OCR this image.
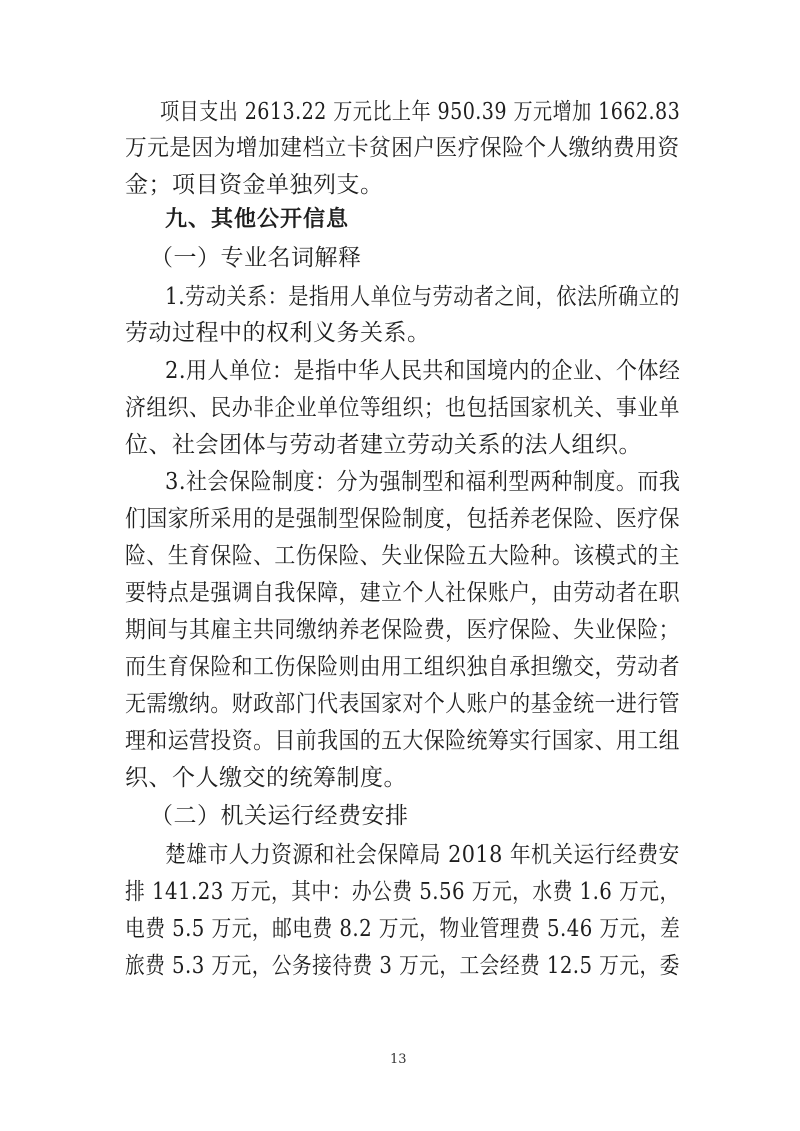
项目支出 2613.22 万元比上年 950.39 万元增加 1662.83
万元是因为增加建档立卡贫困户医疗保险个人缴纳费用资
金；项目资金单独列支。
九、其他公开信息
（一）专业名词解释
1.劳动关系：是指用人单位与劳动者之间，依法所确立的
劳动过程中的权利义务关系。
2.用人单位：是指中华人民共和国境内的企业、个体经
济组织、民办非企业单位等组织；也包括国家机关、事业单
位、社会团体与劳动者建立劳动关系的法人组织。
3.社会保险制度：分为强制型和福利型两种制度。而我
们国家所采用的是强制型保险制度，包括养老保险、医疗保
险、生育保险、工伤保险、失业保险五大险种。该模式的主
要特点是强调自我保障，建立个人社保账户，由劳动者在职
期间与其雇主共同缴纳养老保险费，医疗保险、失业保险；
而生育保险和工伤保险则由用工组织独自承担缴交，劳动者
无需缴纳。财政部门代表国家对个人账户的基金统一进行管
理和运营投资。目前我国的五大保险统筹实行国家、用工组
织、个人缴交的统筹制度。
（二）机关运行经费安排
楚雄市人力资源和社会保障局 2018 年机关运行经费安
排 141.23 万元，其中：办公费 5.56 万元，水费 1.6 万元，
电费 5.5 万元，邮电费 8.2 万元，物业管理费 5.46 万元，差
旅费 5.3 万元，公务接待费 3 万元，工会经费 12.5 万元，委
13
